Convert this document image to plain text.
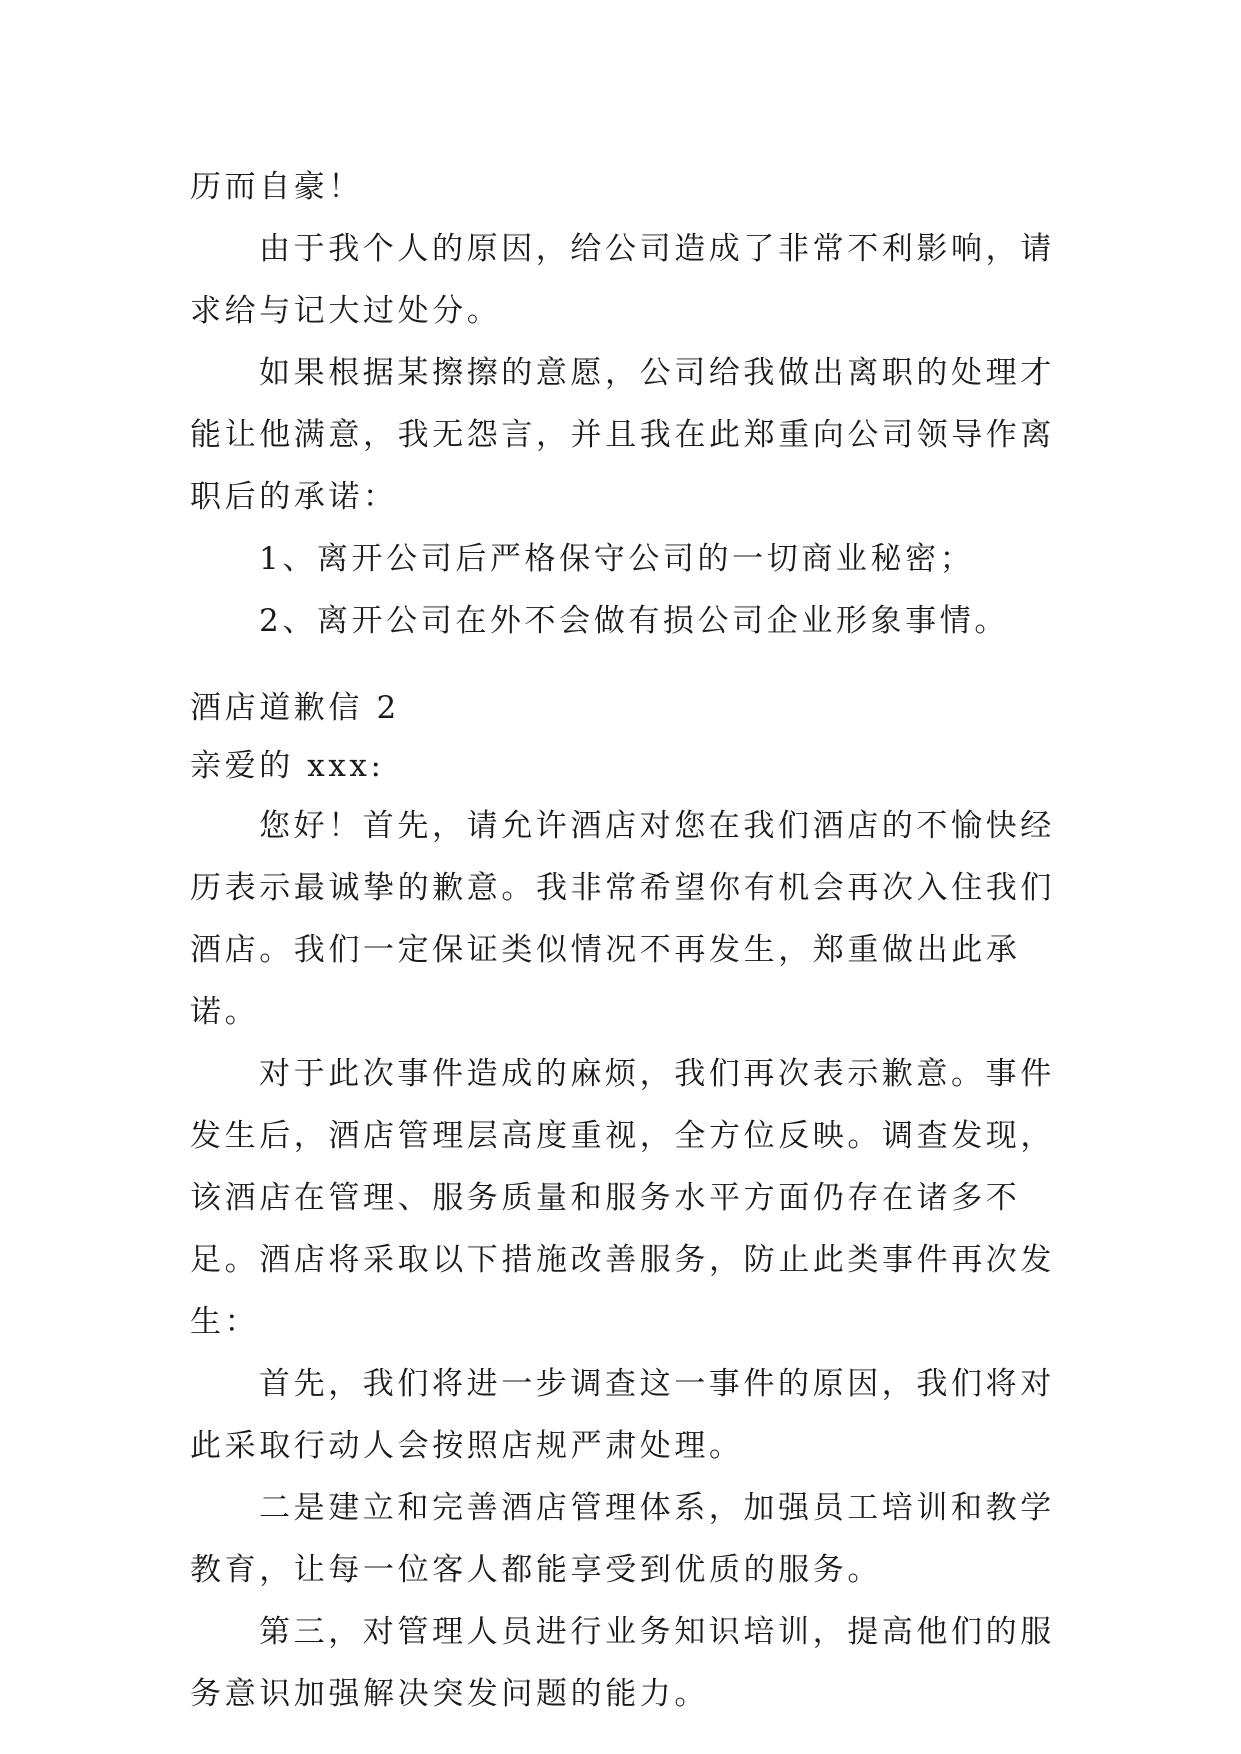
历而自豪！

由于我个人的原因，给公司造成了非常不利影响，请求给与记大过处分。

如果根据某擦擦的意愿，公司给我做出离职的处理才能让他满意，我无怨言，并且我在此郑重向公司领导作离职后的承诺：

1、离开公司后严格保守公司的一切商业秘密；

2、离开公司在外不会做有损公司企业形象事情。

酒店道歉信 2

亲爱的 xxx:

您好！首先，请允许酒店对您在我们酒店的不愉快经历表示最诚挚的歉意。我非常希望你有机会再次入住我们酒店。我们一定保证类似情况不再发生，郑重做出此承诺。

对于此次事件造成的麻烦，我们再次表示歉意。事件发生后，酒店管理层高度重视，全方位反映。调查发现，该酒店在管理、服务质量和服务水平方面仍存在诸多不足。酒店将采取以下措施改善服务，防止此类事件再次发生：

首先，我们将进一步调查这一事件的原因，我们将对此采取行动人会按照店规严肃处理。

二是建立和完善酒店管理体系，加强员工培训和教学教育，让每一位客人都能享受到优质的服务。

第三，对管理人员进行业务知识培训，提高他们的服务意识加强解决突发问题的能力。
